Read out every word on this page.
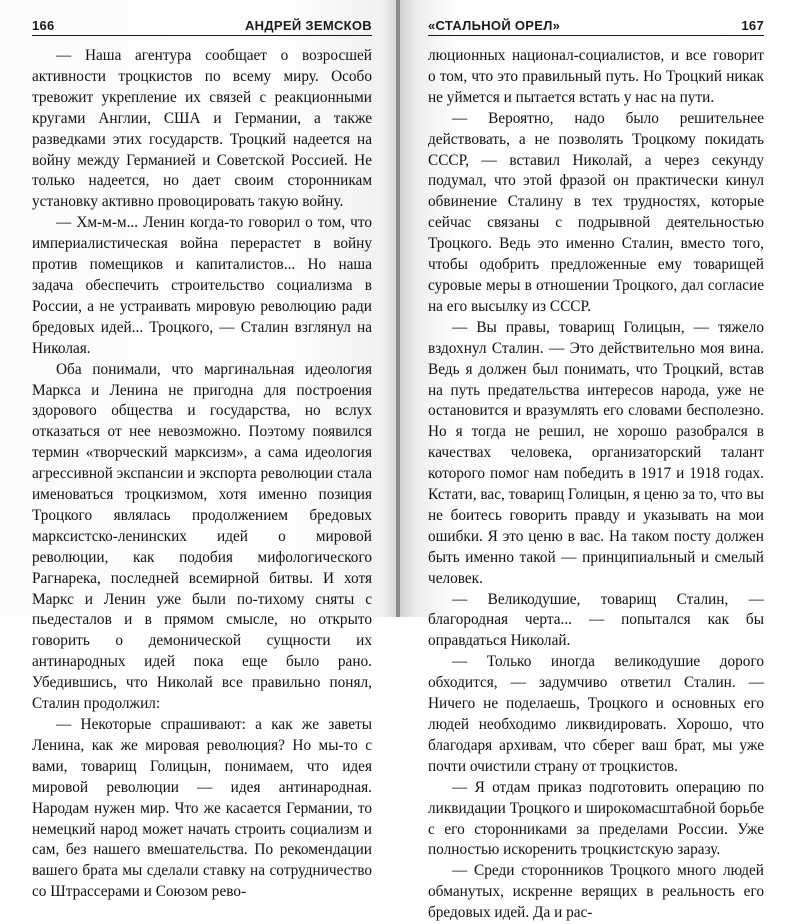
166	АНДРЕЙ ЗЕМСКОВ

— Наша агентура сообщает о возросшей активности троцкистов по всему миру. Особо тревожит укрепление их связей с реакционными кругами Англии, США и Германии, а также разведками этих государств. Троцкий надеется на войну между Германией и Советской Россией. Не только надеется, но дает своим сторонникам установку активно провоцировать такую войну.

— Хм-м-м... Ленин когда-то говорил о том, что империалистическая война перерастет в войну против помещиков и капиталистов... Но наша задача обеспечить строительство социализма в России, а не устраивать мировую революцию ради бредовых идей... Троцкого, — Сталин взглянул на Николая.

Оба понимали, что маргинальная идеология Маркса и Ленина не пригодна для построения здорового общества и государства, но вслух отказаться от нее невозможно. Поэтому появился термин «творческий марксизм», а сама идеология агрессивной экспансии и экспорта революции стала именоваться троцкизмом, хотя именно позиция Троцкого являлась продолжением бредовых марксистско-ленинских идей о мировой революции, как подобия мифологического Рагнарека, последней всемирной битвы. И хотя Маркс и Ленин уже были по-тихому сняты с пьедесталов и в прямом смысле, но открыто говорить о демонической сущности их антинародных идей пока еще было рано. Убедившись, что Николай все правильно понял, Сталин продолжил:

— Некоторые спрашивают: а как же заветы Ленина, как же мировая революция? Но мы-то с вами, товарищ Голицын, понимаем, что идея мировой революции — идея антинародная. Народам нужен мир. Что же касается Германии, то немецкий народ может начать строить социализм и сам, без нашего вмешательства. По рекомендации вашего брата мы сделали ставку на сотрудничество со Штрассерами и Союзом рево-

«СТАЛЬНОЙ ОРЕЛ»	167

люционных национал-социалистов, и все говорит о том, что это правильный путь. Но Троцкий никак не уймется и пытается встать у нас на пути.

— Вероятно, надо было решительнее действовать, а не позволять Троцкому покидать СССР, — вставил Николай, а через секунду подумал, что этой фразой он практически кинул обвинение Сталину в тех трудностях, которые сейчас связаны с подрывной деятельностью Троцкого. Ведь это именно Сталин, вместо того, чтобы одобрить предложенные ему товарищей суровые меры в отношении Троцкого, дал согласие на его высылку из СССР.

— Вы правы, товарищ Голицын, — тяжело вздохнул Сталин. — Это действительно моя вина. Ведь я должен был понимать, что Троцкий, встав на путь предательства интересов народа, уже не остановится и вразумлять его словами бесполезно. Но я тогда не решил, не хорошо разобрался в качествах человека, организаторский талант которого помог нам победить в 1917 и 1918 годах. Кстати, вас, товарищ Голицын, я ценю за то, что вы не боитесь говорить правду и указывать на мои ошибки. Я это ценю в вас. На таком посту должен быть именно такой — принципиальный и смелый человек.

— Великодушие, товарищ Сталин, — благородная черта... — попытался как бы оправдаться Николай.

— Только иногда великодушие дорого обходится, — задумчиво ответил Сталин. — Ничего не поделаешь, Троцкого и основных его людей необходимо ликвидировать. Хорошо, что благодаря архивам, что сберег ваш брат, мы уже почти очистили страну от троцкистов.

— Я отдам приказ подготовить операцию по ликвидации Троцкого и широкомасштабной борьбе с его сторонниками за пределами России. Уже полностью искоренить троцкистскую заразу.

— Среди сторонников Троцкого много людей обманутых, искренне верящих в реальность его бредовых идей. Да и рас-
